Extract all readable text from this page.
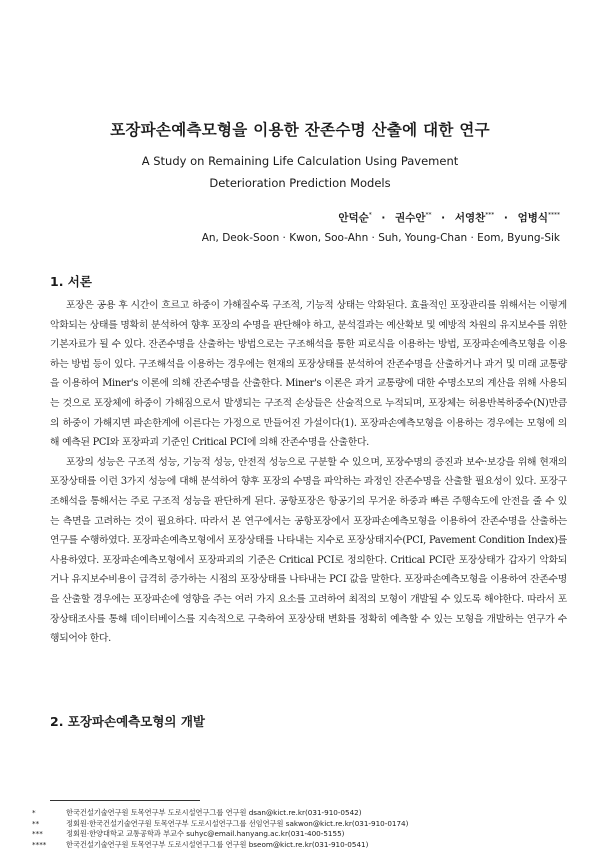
포장파손예측모형을 이용한 잔존수명 산출에 대한 연구
A Study on Remaining Life Calculation Using Pavement
Deterioration Prediction Models
안덕순* · 권수안** · 서영찬*** · 엄병식****
An, Deok-Soon · Kwon, Soo-Ahn · Suh, Young-Chan · Eom, Byung-Sik
1. 서론

포장은 공용 후 시간이 흐르고 하중이 가해질수록 구조적, 기능적 상태는 악화된다. 효율적인 포장관리를 위해서는 이렇게 악화되는 상태를 명확히 분석하여 향후 포장의 수명을 판단해야 하고, 분석결과는 예산확보 및 예방적 차원의 유지보수를 위한 기본자료가 될 수 있다. 잔존수명을 산출하는 방법으로는 구조해석을 통한 피로식을 이용하는 방법, 포장파손예측모형을 이용하는 방법 등이 있다. 구조해석을 이용하는 경우에는 현재의 포장상태를 분석하여 잔존수명을 산출하거나 과거 및 미래 교통량을 이용하여 Miner's 이론에 의해 잔존수명을 산출한다. Miner's 이론은 과거 교통량에 대한 수명소모의 계산을 위해 사용되는 것으로 포장체에 하중이 가해짐으로서 발생되는 구조적 손상들은 산술적으로 누적되며, 포장체는 허용반복하중수(N)만큼의 하중이 가해지면 파손한계에 이른다는 가정으로 만들어진 가설이다(1). 포장파손예측모형을 이용하는 경우에는 모형에 의해 예측된 PCI와 포장파괴 기준인 Critical PCI에 의해 잔존수명을 산출한다.

포장의 성능은 구조적 성능, 기능적 성능, 안전적 성능으로 구분할 수 있으며, 포장수명의 증진과 보수·보강을 위해 현재의 포장상태를 이런 3가지 성능에 대해 분석하여 향후 포장의 수명을 파악하는 과정인 잔존수명을 산출할 필요성이 있다. 포장구조해석을 통해서는 주로 구조적 성능을 판단하게 된다. 공항포장은 항공기의 무거운 하중과 빠른 주행속도에 안전을 줄 수 있는 측면을 고려하는 것이 필요하다. 따라서 본 연구에서는 공항포장에서 포장파손예측모형을 이용하여 잔존수명을 산출하는 연구를 수행하였다. 포장파손예측모형에서 포장상태를 나타내는 지수로 포장상태지수(PCI, Pavement Condition Index)를 사용하였다. 포장파손예측모형에서 포장파괴의 기준은 Critical PCI로 정의한다. Critical PCI란 포장상태가 갑자기 악화되거나 유지보수비용이 급격히 증가하는 시점의 포장상태를 나타내는 PCI 값을 말한다. 포장파손예측모형을 이용하여 잔존수명을 산출할 경우에는 포장파손에 영향을 주는 여러 가지 요소를 고려하여 최적의 모형이 개발될 수 있도록 해야한다. 따라서 포장상태조사를 통해 데이터베이스를 지속적으로 구축하여 포장상태 변화를 정확히 예측할 수 있는 모형을 개발하는 연구가 수행되어야 한다.

2. 포장파손예측모형의 개발
*	한국건설기술연구원 토목연구부 도로시설연구그룹 연구원 dsan@kict.re.kr(031-910-0542)
**	정회원·한국건설기술연구원 토목연구부 도로시설연구그룹 선임연구원 sakwon@kict.re.kr(031-910-0174)
***	정회원·한양대학교 교통공학과 부교수 suhyc@email.hanyang.ac.kr(031-400-5155)
****	한국건설기술연구원 토목연구부 도로시설연구그룹 연구원 bseom@kict.re.kr(031-910-0541)
